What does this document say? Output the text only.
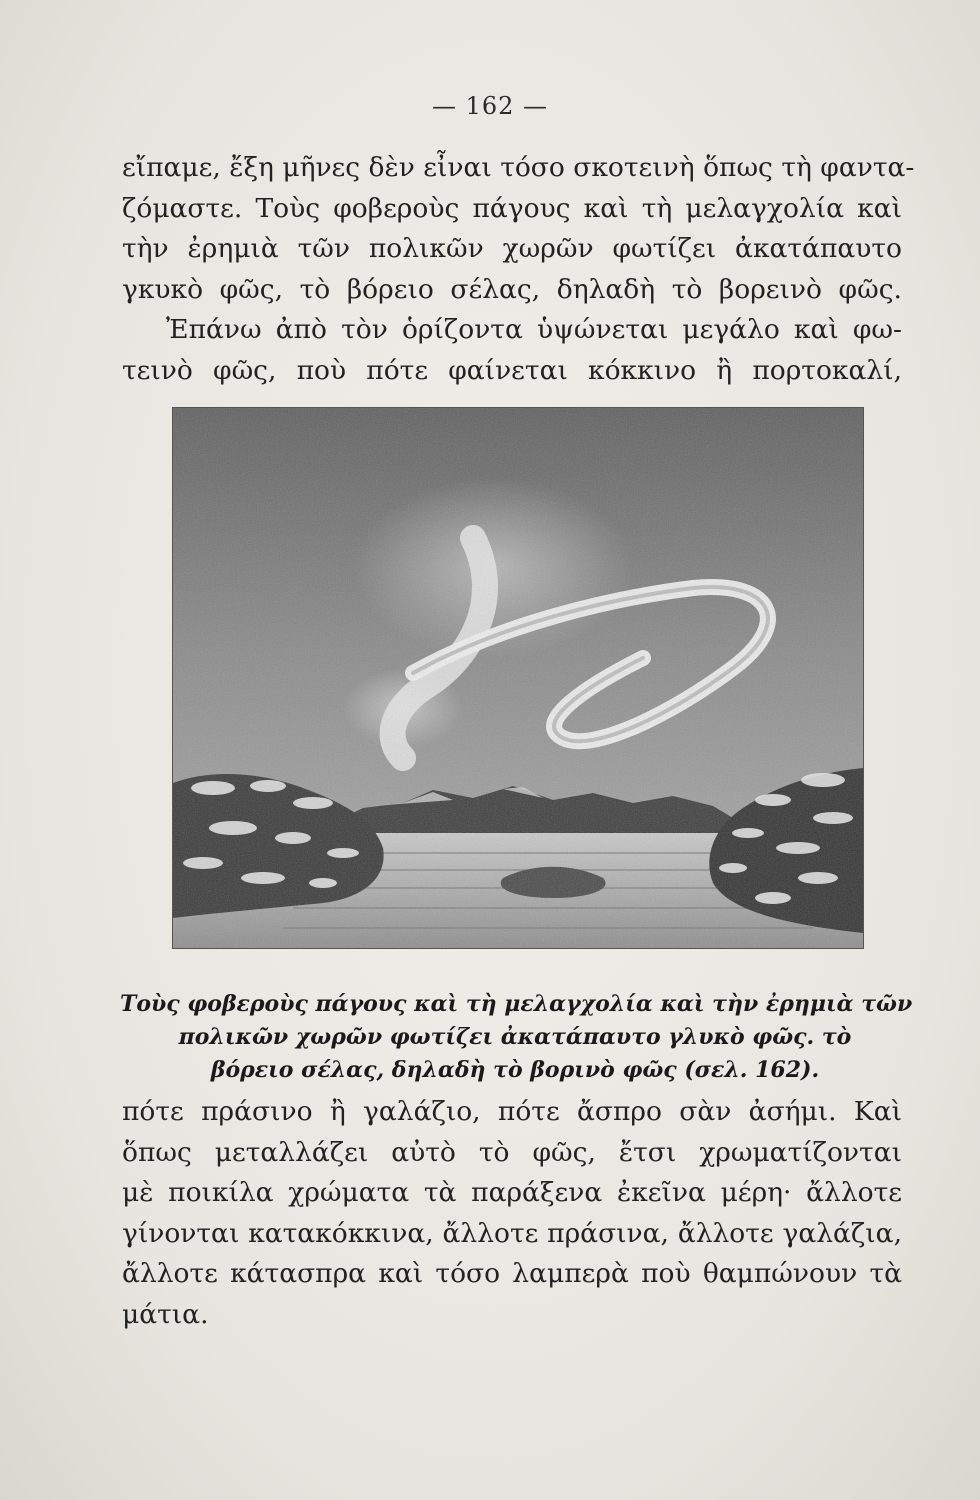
— 162 —
εἴπαμε, ἔξη μῆνες δὲν εἶναι τόσο σκοτεινὴ ὅπως τὴ φαντα-
ζόμαστε. Τοὺς φοβεροὺς πάγους καὶ τὴ μελαγχολία καὶ
τὴν ἐρημιὰ τῶν πολικῶν χωρῶν φωτίζει ἀκατάπαυτο
γκυκὸ φῶς, τὸ βόρειο σέλας, δηλαδὴ τὸ βορεινὸ φῶς.
Ἐπάνω ἀπὸ τὸν ὁρίζοντα ὑψώνεται μεγάλο καὶ φω-
τεινὸ φῶς, ποὺ πότε φαίνεται κόκκινο ἢ πορτοκαλί,
Τοὺς φοβεροὺς πάγους καὶ τὴ μελαγχολία καὶ τὴν ἐρημιὰ τῶν
πολικῶν χωρῶν φωτίζει ἀκατάπαυτο γλυκὸ φῶς. τὸ
βόρειο σέλας, δηλαδὴ τὸ βορινὸ φῶς (σελ. 162).
πότε πράσινο ἢ γαλάζιο, πότε ἄσπρο σὰν ἀσήμι. Καὶ
ὅπως μεταλλάζει αὐτὸ τὸ φῶς, ἔτσι χρωματίζονται
μὲ ποικίλα χρώματα τὰ παράξενα ἐκεῖνα μέρη· ἄλλοτε
γίνονται κατακόκκινα, ἄλλοτε πράσινα, ἄλλοτε γαλάζια,
ἄλλοτε κάτασπρα καὶ τόσο λαμπερὰ ποὺ θαμπώνουν τὰ
μάτια.
